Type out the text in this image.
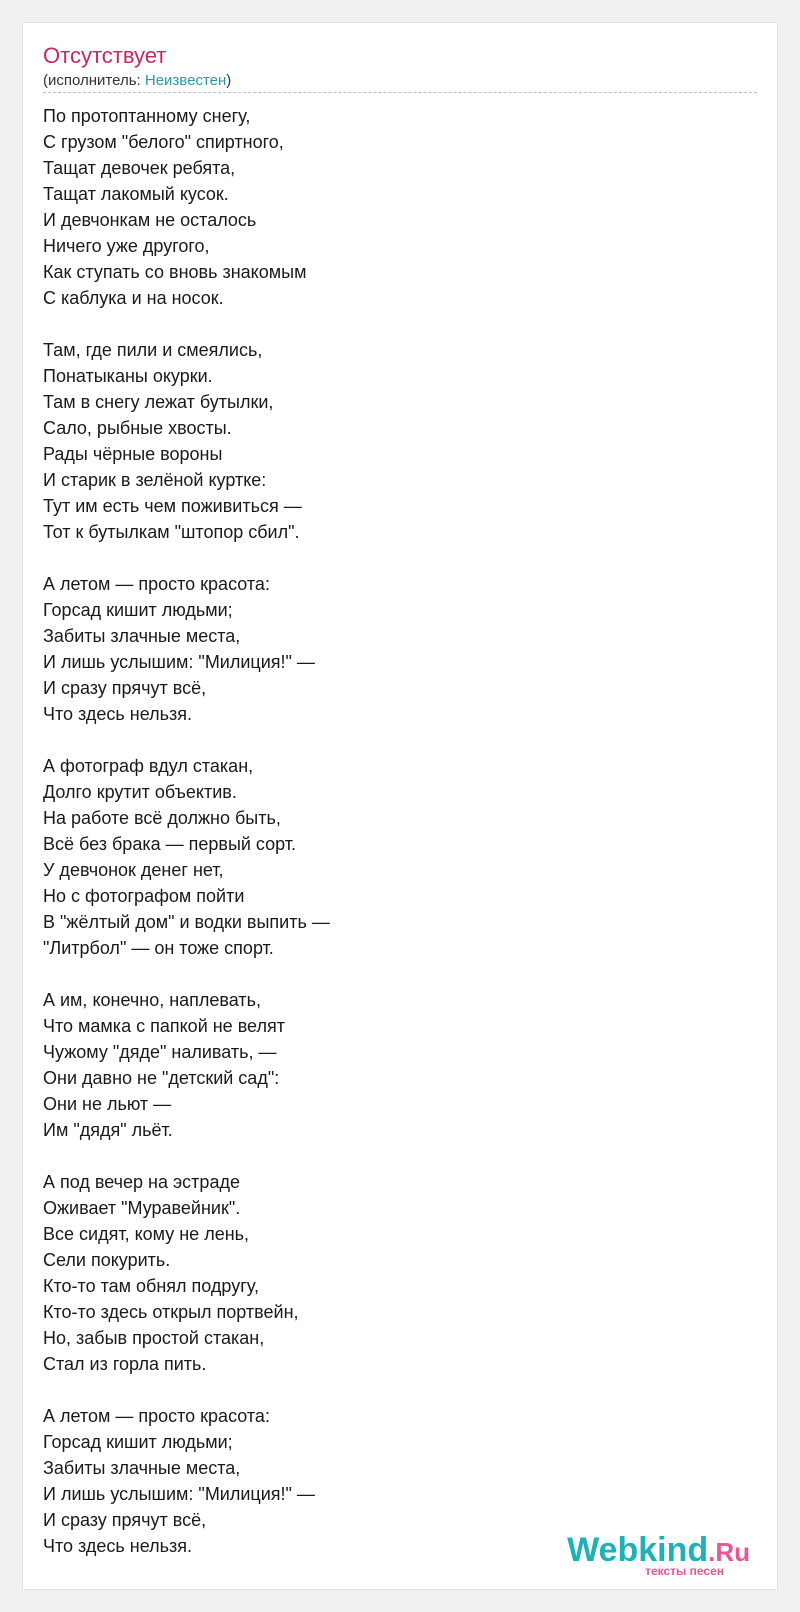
Отсутствует
(исполнитель: Неизвестен)
По протоптанному снегу,
С грузом "белого" спиртного,
Тащат девочек ребята,
Тащат лакомый кусок.
И девчонкам не осталось
Ничего уже другого,
Как ступать со вновь знакомым
С каблука и на носок.

Там, где пили и смеялись,
Понатыканы окурки.
Там в снегу лежат бутылки,
Сало, рыбные хвосты.
Рады чёрные вороны
И старик в зелёной куртке:
Тут им есть чем поживиться —
Тот к бутылкам "штопор сбил".

А летом — просто красота:
Горсад кишит людьми;
Забиты злачные места,
И лишь услышим: "Милиция!" —
И сразу прячут всё,
Что здесь нельзя.

А фотограф вдул стакан,
Долго крутит объектив.
На работе всё должно быть,
Всё без брака — первый сорт.
У девчонок денег нет,
Но с фотографом пойти
В "жёлтый дом" и водки выпить —
"Литрбол" — он тоже спорт.

А им, конечно, наплевать,
Что мамка с папкой не велят
Чужому "дяде" наливать, —
Они давно не "детский сад":
Они не льют —
Им "дядя" льёт.

А под вечер на эстраде
Оживает "Муравейник".
Все сидят, кому не лень,
Сели покурить.
Кто-то там обнял подругу,
Кто-то здесь открыл портвейн,
Но, забыв простой стакан,
Стал из горла пить.

А летом — просто красота:
Горсад кишит людьми;
Забиты злачные места,
И лишь услышим: "Милиция!" —
И сразу прячут всё,
Что здесь нельзя.	Webkind.Ru
тексты песен
